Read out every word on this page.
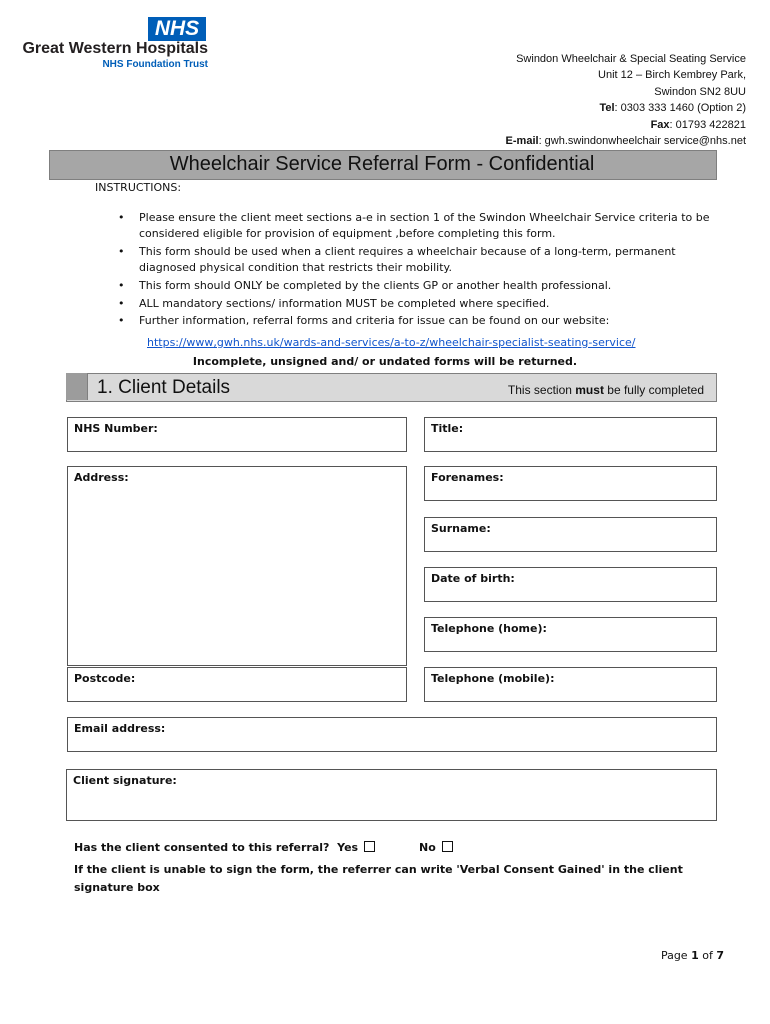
NHS
Great Western Hospitals
NHS Foundation Trust	Swindon Wheelchair & Special Seating Service
Unit 12 – Birch Kembrey Park,
Swindon SN2 8UU
Tel: 0303 333 1460 (Option 2)
Fax: 01793 422821
E-mail: gwh.swindonwheelchair service@nhs.net
Wheelchair Service Referral Form - Confidential
INSTRUCTIONS:
• Please ensure the client meet sections a-e in section 1 of the Swindon Wheelchair Service criteria to be considered eligible for provision of equipment ,before completing this form.
• This form should be used when a client requires a wheelchair because of a long-term, permanent diagnosed physical condition that restricts their mobility.
• This form should ONLY be completed by the clients GP or another health professional.
• ALL mandatory sections/ information MUST be completed where specified.
• Further information, referral forms and criteria for issue can be found on our website:
https://www,gwh.nhs.uk/wards-and-services/a-to-z/wheelchair-specialist-seating-service/
Incomplete, unsigned and/ or undated forms will be returned.
1. Client Details	This section must be fully completed
NHS Number:	Title:
Address:	Forenames:
Surname:
Date of birth:
Telephone (home):
Postcode:	Telephone (mobile):
Email address:
Client signature:
Has the client consented to this referral? Yes	No
If the client is unable to sign the form, the referrer can write 'Verbal Consent Gained' in the client signature box
Page 1 of 7
